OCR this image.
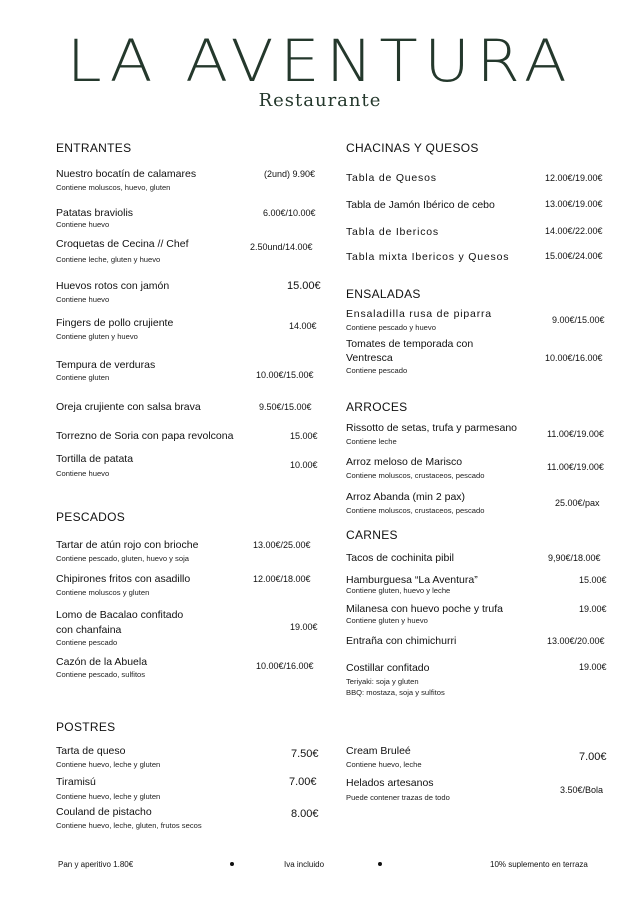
LA AVENTURA
Restaurante
ENTRANTES
Nuestro bocatín de calamares
Contiene moluscos, huevo, gluten
(2und) 9.90€
Patatas braviolis
Contiene huevo
6.00€/10.00€
Croquetas de Cecina // Chef
Contiene leche, gluten y huevo
2.50und/14.00€
Huevos rotos con jamón
Contiene huevo
15.00€
Fingers de pollo crujiente
Contiene gluten y huevo
14.00€
Tempura de verduras
Contiene gluten	10.00€/15.00€
Oreja crujiente con salsa brava	9.50€/15.00€
Torrezno de Soria con papa revolcona	15.00€
Tortilla de patata
Contiene huevo
10.00€
PESCADOS
Tartar de atún rojo con brioche
Contiene pescado, gluten, huevo y soja
13.00€/25.00€
Chipirones fritos con asadillo
Contiene moluscos y gluten
12.00€/18.00€
Lomo de Bacalao confitado
con chanfaina
Contiene pescado
19.00€
Cazón de la Abuela
Contiene pescado, sulfitos
10.00€/16.00€
POSTRES
Tarta de queso
Contiene huevo, leche y gluten
7.50€
Tiramisú
Contiene huevo, leche y gluten
7.00€
Couland de pistacho
Contiene huevo, leche, gluten, frutos secos
8.00€
CHACINAS Y QUESOS
Tabla de Quesos	12.00€/19.00€
Tabla de Jamón Ibérico de cebo	13.00€/19.00€
Tabla de Ibericos	14.00€/22.00€
Tabla mixta Ibericos y Quesos	15.00€/24.00€
ENSALADAS
Ensaladilla rusa de piparra
Contiene pescado y huevo
9.00€/15.00€
Tomates de temporada con
Ventresca
Contiene pescado
10.00€/16.00€
ARROCES
Rissotto de setas, trufa y parmesano
Contiene leche
11.00€/19.00€
Arroz meloso de Marisco
Contiene moluscos, crustaceos, pescado
11.00€/19.00€
Arroz Abanda (min 2 pax)
Contiene moluscos, crustaceos, pescado
25.00€/pax
CARNES
Tacos de cochinita pibil	9,90€/18.00€
Hamburguesa “La Aventura”
Contiene gluten, huevo y leche
15.00€
Milanesa con huevo poche y trufa
Contiene gluten y huevo
19.00€
Entraña con chimichurri	13.00€/20.00€
Costillar confitado
Teriyaki: soja y gluten
BBQ: mostaza, soja y sulfitos
19.00€
Cream Bruleé
Contiene huevo, leche
7.00€
Helados artesanos
Puede contener trazas de todo
3.50€/Bola
Pan y aperitivo 1.80€	Iva incluido	10% suplemento en terraza
